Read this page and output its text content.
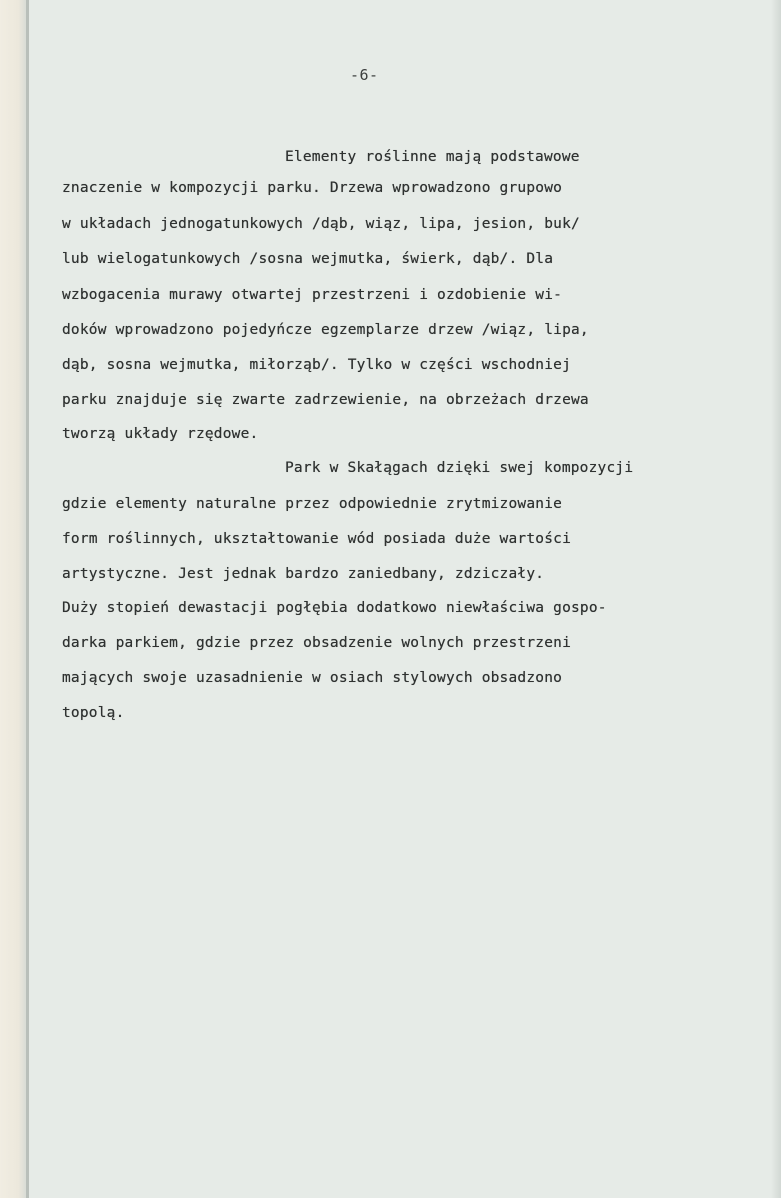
-6-
Elementy roślinne mają podstawowe
znaczenie w kompozycji parku. Drzewa wprowadzono grupowo
w układach jednogatunkowych /dąb, wiąz, lipa, jesion, buk/
lub wielogatunkowych /sosna wejmutka, świerk, dąb/. Dla
wzbogacenia murawy otwartej przestrzeni i ozdobienie wi-
doków wprowadzono pojedyńcze egzemplarze drzew /wiąz, lipa,
dąb, sosna wejmutka, miłorząb/. Tylko w części wschodniej
parku znajduje się zwarte zadrzewienie, na obrzeżach drzewa
tworzą układy rzędowe.
Park w Skałągach dzięki swej kompozycji
gdzie elementy naturalne przez odpowiednie zrytmizowanie
form roślinnych, ukształtowanie wód posiada duże wartości
artystyczne. Jest jednak bardzo zaniedbany, zdziczały.
Duży stopień dewastacji pogłębia dodatkowo niewłaściwa gospo-
darka parkiem, gdzie przez obsadzenie wolnych przestrzeni
mających swoje uzasadnienie w osiach stylowych obsadzono
topolą.
